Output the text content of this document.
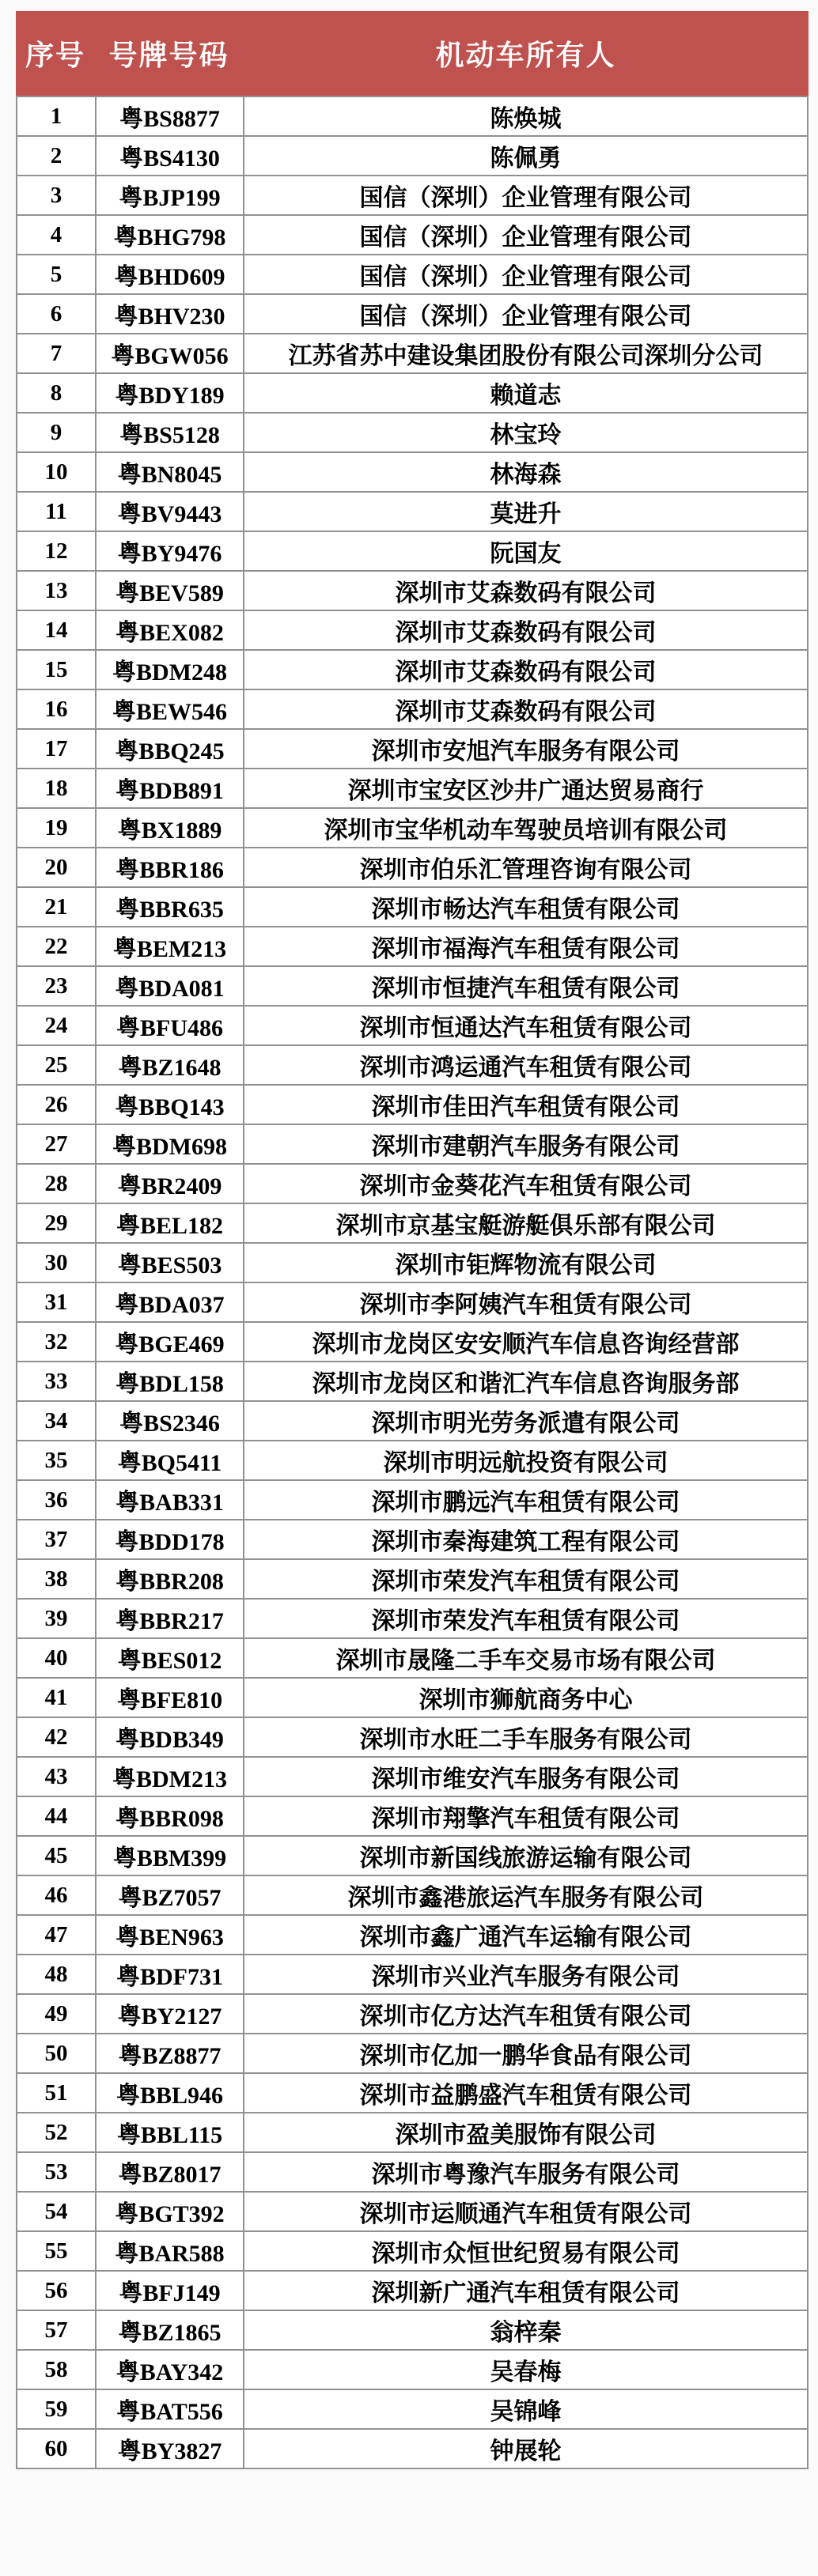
序号 号牌号码	机动车所有人
1	粤BS8877	陈焕城
2	粤BS4130	陈佩勇
3	粤BJP199	国信（深圳）企业管理有限公司
4	粤BHG798	国信（深圳）企业管理有限公司
5	粤BHD609	国信（深圳）企业管理有限公司
6	粤BHV230	国信（深圳）企业管理有限公司
7	粤BGW056	江苏省苏中建设集团股份有限公司深圳分公司
8	粤BDY189	赖道志
9	粤BS5128	林宝玲
10	粤BN8045	林海森
11	粤BV9443	莫进升
12	粤BY9476	阮国友
13	粤BEV589	深圳市艾森数码有限公司
14	粤BEX082	深圳市艾森数码有限公司
15	粤BDM248	深圳市艾森数码有限公司
16	粤BEW546	深圳市艾森数码有限公司
17	粤BBQ245	深圳市安旭汽车服务有限公司
18	粤BDB891	深圳市宝安区沙井广通达贸易商行
19	粤BX1889	深圳市宝华机动车驾驶员培训有限公司
20	粤BBR186	深圳市伯乐汇管理咨询有限公司
21	粤BBR635	深圳市畅达汽车租赁有限公司
22	粤BEM213	深圳市福海汽车租赁有限公司
23	粤BDA081	深圳市恒捷汽车租赁有限公司
24	粤BFU486	深圳市恒通达汽车租赁有限公司
25	粤BZ1648	深圳市鸿运通汽车租赁有限公司
26	粤BBQ143	深圳市佳田汽车租赁有限公司
27	粤BDM698	深圳市建朝汽车服务有限公司
28	粤BR2409	深圳市金葵花汽车租赁有限公司
29	粤BEL182	深圳市京基宝艇游艇俱乐部有限公司
30	粤BES503	深圳市钜辉物流有限公司
31	粤BDA037	深圳市李阿姨汽车租赁有限公司
32	粤BGE469	深圳市龙岗区安安顺汽车信息咨询经营部
33	粤BDL158	深圳市龙岗区和谐汇汽车信息咨询服务部
34	粤BS2346	深圳市明光劳务派遣有限公司
35	粤BQ5411	深圳市明远航投资有限公司
36	粤BAB331	深圳市鹏远汽车租赁有限公司
37	粤BDD178	深圳市秦海建筑工程有限公司
38	粤BBR208	深圳市荣发汽车租赁有限公司
39	粤BBR217	深圳市荣发汽车租赁有限公司
40	粤BES012	深圳市晟隆二手车交易市场有限公司
41	粤BFE810	深圳市狮航商务中心
42	粤BDB349	深圳市水旺二手车服务有限公司
43	粤BDM213	深圳市维安汽车服务有限公司
44	粤BBR098	深圳市翔擎汽车租赁有限公司
45	粤BBM399	深圳市新国线旅游运输有限公司
46	粤BZ7057	深圳市鑫港旅运汽车服务有限公司
47	粤BEN963	深圳市鑫广通汽车运输有限公司
48	粤BDF731	深圳市兴业汽车服务有限公司
49	粤BY2127	深圳市亿方达汽车租赁有限公司
50	粤BZ8877	深圳市亿加一鹏华食品有限公司
51	粤BBL946	深圳市益鹏盛汽车租赁有限公司
52	粤BBL115	深圳市盈美服饰有限公司
53	粤BZ8017	深圳市粤豫汽车服务有限公司
54	粤BGT392	深圳市运顺通汽车租赁有限公司
55	粤BAR588	深圳市众恒世纪贸易有限公司
56	粤BFJ149	深圳新广通汽车租赁有限公司
57	粤BZ1865	翁梓秦
58	粤BAY342	吴春梅
59	粤BAT556	吴锦峰
60	粤BY3827	钟展轮
